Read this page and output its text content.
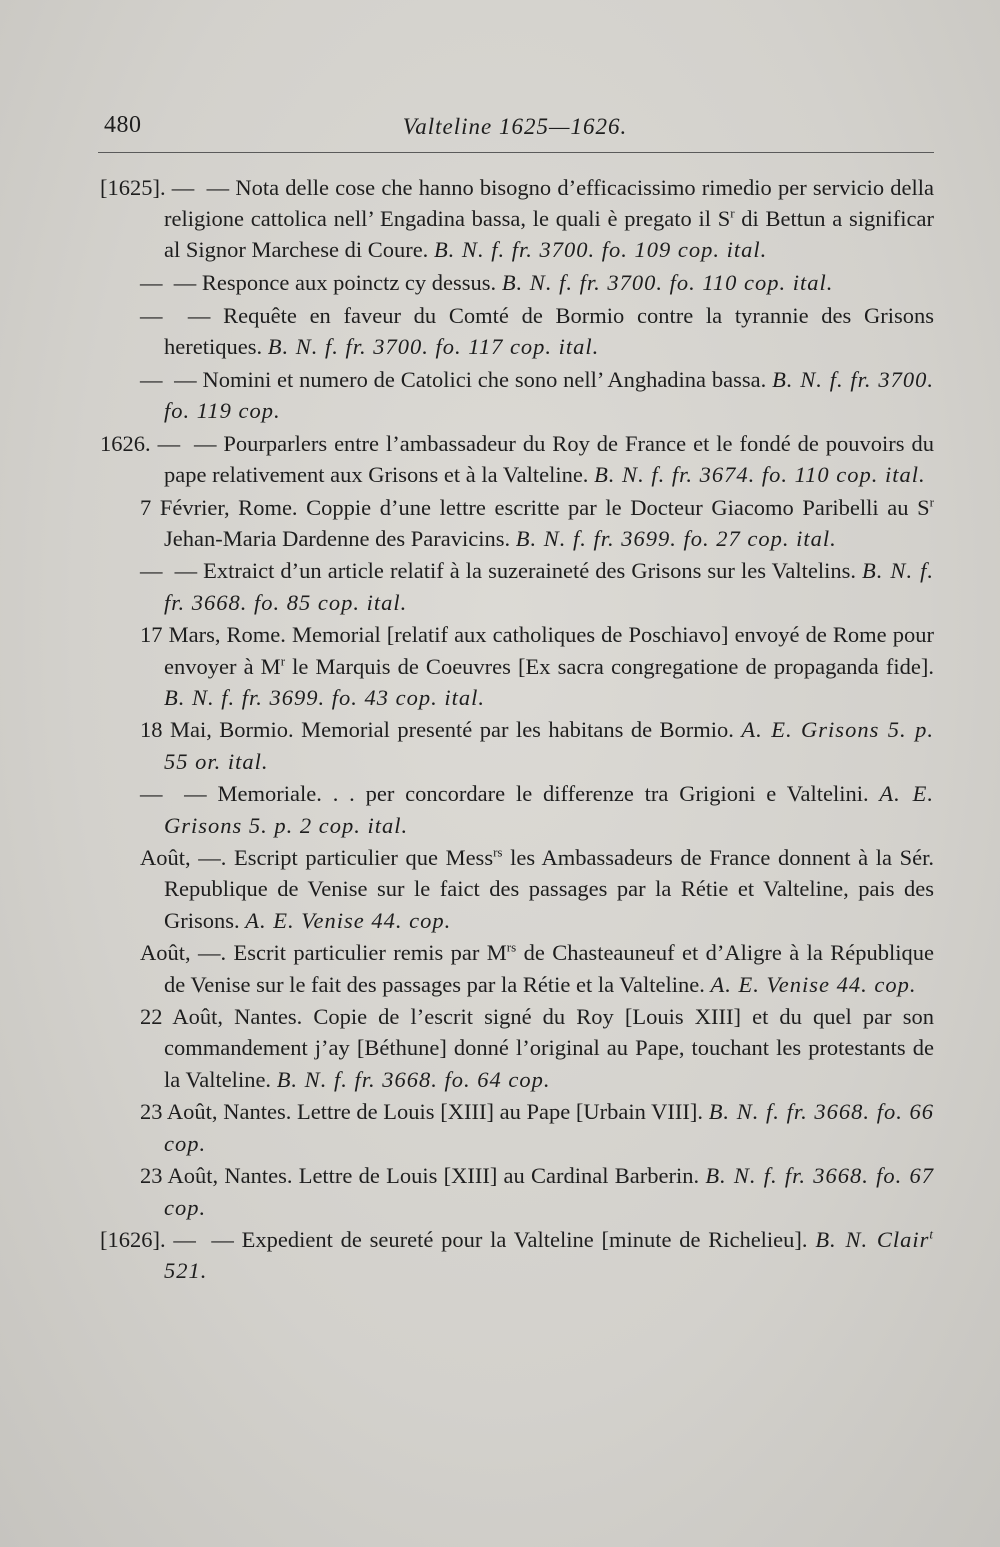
480	Valteline 1625—1626.

[1625]. —  — Nota delle cose che hanno bisogno d’efficacissimo rimedio per servicio della religione cattolica nell’ Engadina bassa, le quali è pregato il $S^r$ di Bettun a significar al Signor Marchese di Coure. B. N. f. fr. 3700. fo. 109 cop. ital.

—  — Responce aux poinctz cy dessus. B. N. f. fr. 3700. fo. 110 cop. ital.

—  — Requête en faveur du Comté de Bormio contre la tyrannie des Grisons heretiques. B. N. f. fr. 3700. fo. 117 cop. ital.

—  — Nomini et numero de Catolici che sono nell’ Anghadina bassa. B. N. f. fr. 3700. fo. 119 cop.

1626. —  — Pourparlers entre l’ambassadeur du Roy de France et le fondé de pouvoirs du pape relativement aux Grisons et à la Valteline. B. N. f. fr. 3674. fo. 110 cop. ital.

7 Février, Rome. Coppie d’une lettre escritte par le Docteur Giacomo Paribelli au $S^r$ Jehan-Maria Dardenne des Paravicins. B. N. f. fr. 3699. fo. 27 cop. ital.

—  — Extraict d’un article relatif à la suzeraineté des Grisons sur les Valtelins. B. N. f. fr. 3668. fo. 85 cop. ital.

17 Mars, Rome. Memorial [relatif aux catholiques de Poschiavo] envoyé de Rome pour envoyer à $M^r$ le Marquis de Coeuvres [Ex sacra congregatione de propaganda fide]. B. N. f. fr. 3699. fo. 43 cop. ital.

18 Mai, Bormio. Memorial presenté par les habitans de Bormio. A. E. Grisons 5. p. 55 or. ital.

—  — Memoriale. . . per concordare le differenze tra Grigioni e Valtelini. A. E. Grisons 5. p. 2 cop. ital.

Août, —. Escript particulier que Mess$^{rs}$ les Ambassadeurs de France donnent à la Sér. Republique de Venise sur le faict des passages par la Rétie et Valteline, pais des Grisons. A. E. Venise 44. cop.

Août, —. Escrit particulier remis par $M^{rs}$ de Chasteauneuf et d’Aligre à la République de Venise sur le fait des passages par la Rétie et la Valteline. A. E. Venise 44. cop.

22 Août, Nantes. Copie de l’escrit signé du Roy [Louis XIII] et du quel par son commandement j’ay [Béthune] donné l’original au Pape, touchant les protestants de la Valteline. B. N. f. fr. 3668. fo. 64 cop.

23 Août, Nantes. Lettre de Louis [XIII] au Pape [Urbain VIII]. B. N. f. fr. 3668. fo. 66 cop.

23 Août, Nantes. Lettre de Louis [XIII] au Cardinal Barberin. B. N. f. fr. 3668. fo. 67 cop.

[1626]. —  — Expedient de seureté pour la Valteline [minute de Richelieu]. B. N. Clair$^t$ 521.
